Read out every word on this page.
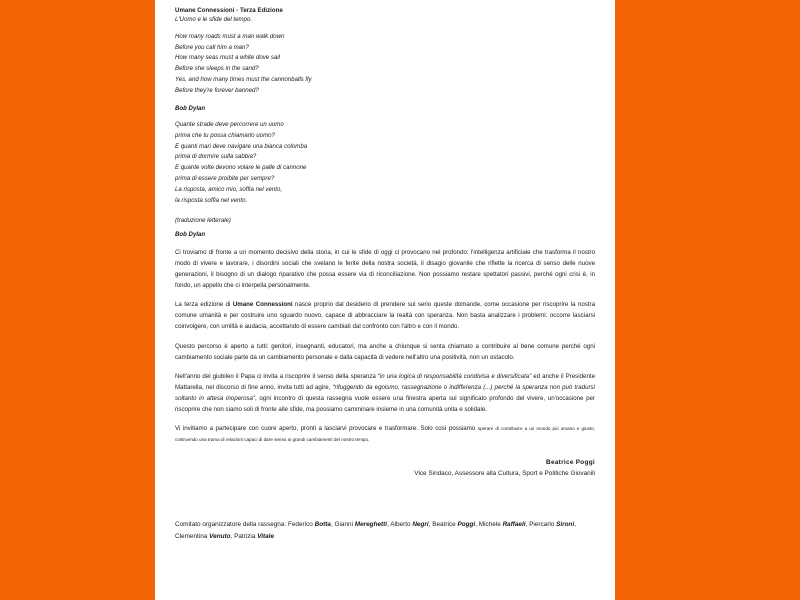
Umane Connessioni - Terza Edizione
L'Uomo e le sfide del tempo.
How many roads must a man walk down
Before you call him a man?
How many seas must a white dove sail
Before she sleeps in the sand?
Yes, and how many times must the cannonballs fly
Before they're forever banned?
Bob Dylan
Quante strade deve percorrere un uomo
prima che tu possa chiamarlo uomo?
E quanti mari deve navigare una bianca colomba
prima di dormire sulla sabbia?
E quante volte devono volare le palle di cannone
prima di essere proibite per sempre?
La risposta, amico mio, soffia nel vento,
la risposta soffia nel vento.
(traduzione letterale)
Bob Dylan
Ci troviamo di fronte a un momento decisivo della storia, in cui le sfide di oggi ci provocano nel profondo: l'intelligenza artificiale che trasforma il nostro modo di vivere e lavorare, i disordini sociali che svelano le ferite della nostra società, il disagio giovanile che riflette la ricerca di senso delle nuove generazioni, il bisogno di un dialogo riparativo che possa essere via di riconciliazione. Non possiamo restare spettatori passivi, perché ogni crisi è, in fondo, un appello che ci interpella personalmente.
La terza edizione di Umane Connessioni nasce proprio dal desiderio di prendere sul serio queste domande, come occasione per riscoprire la nostra comune umanità e per costruire uno sguardo nuovo, capace di abbracciare la realtà con speranza. Non basta analizzare i problemi: occorre lasciarsi coinvolgere, con umiltà e audacia, accettando di essere cambiati dal confronto con l'altro e con il mondo.
Questo percorso è aperto a tutti: genitori, insegnanti, educatori, ma anche a chiunque si senta chiamato a contribuire al bene comune perché ogni cambiamento sociale parte da un cambiamento personale e dalla capacità di vedere nell'altro una positività, non un ostacolo.
Nell'anno del giubileo il Papa ci invita a riscoprire il senso della speranza “in una logica di responsabilità condivisa e diversificata” ed anche il Presidente Mattarella, nel discorso di fine anno, invita tutti ad agire, “rifuggendo da egoismo, rassegnazione o indifferenza (...) perché la speranza non può tradursi soltanto in attesa inoperosa”, ogni incontro di questa rassegna vuole essere una finestra aperta sul significato profondo del vivere, un'occasione per riscoprire che non siamo soli di fronte alle sfide, ma possiamo camminare insieme in una comunità unita e solidale.
Vi invitiamo a partecipare con cuore aperto, pronti a lasciarvi provocare e trasformare. Solo così possiamo sperare di contribuire a un mondo più umano e giusto, costruendo una trama di relazioni capaci di dare senso ai grandi cambiamenti del nostro tempo.
Beatrice Poggi
Vice Sindaco, Assessore alla Cultura, Sport e Politiche Giovanili
Comitato organizzatore della rassegna: Federico Botta, Gianni Mereghetti, Alberto Negri, Beatrice Poggi, Michele Raffaeli, Piercarlo Sironi, Clementina Venuto, Patrizia Vitale
